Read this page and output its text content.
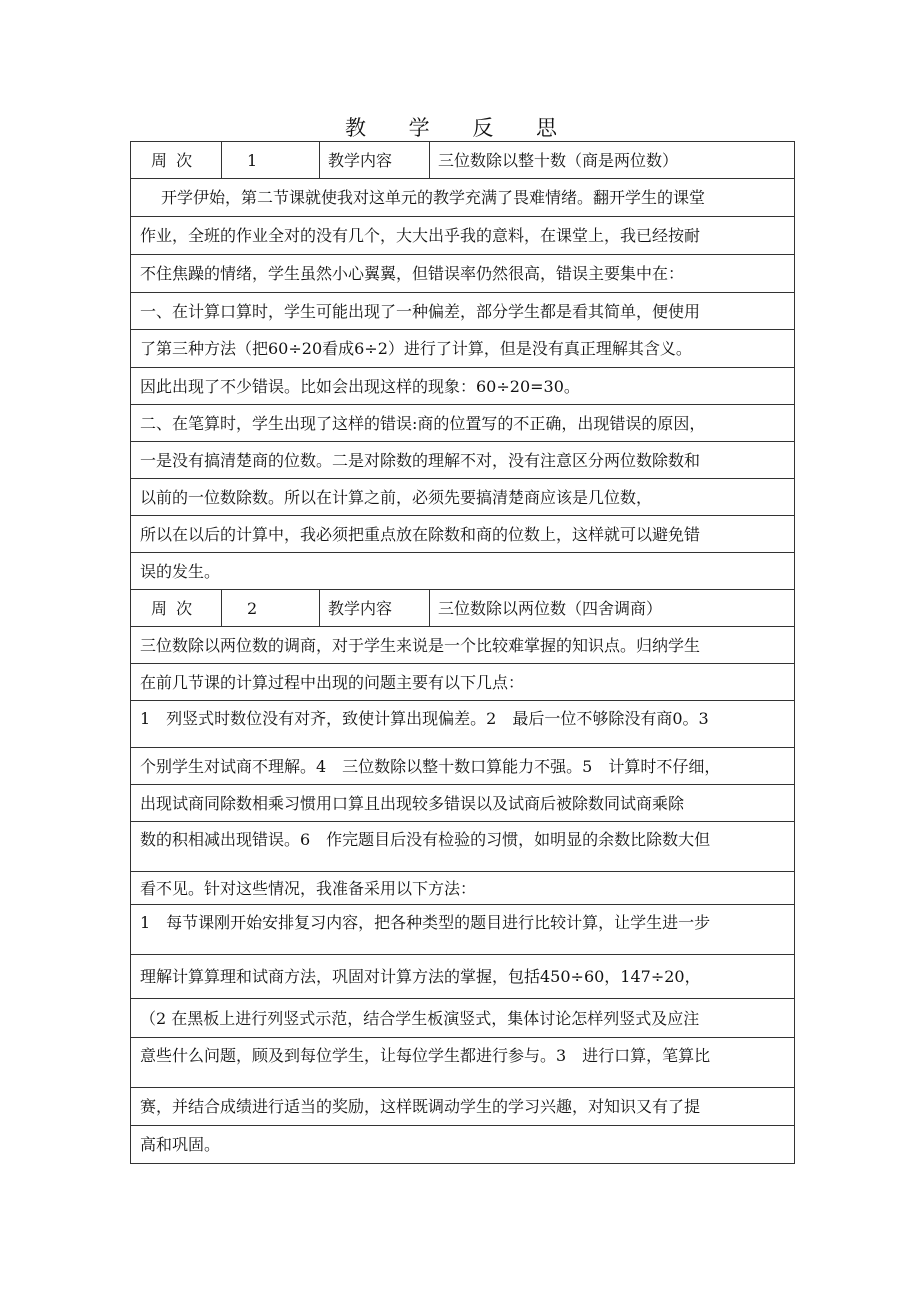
教 学 反 思
周 次	1	教学内容	三位数除以整十数（商是两位数）
开学伊始，第二节课就使我对这单元的教学充满了畏难情绪。翻开学生的课堂			
作业，全班的作业全对的没有几个，大大出乎我的意料，在课堂上，我已经按耐			
不住焦躁的情绪，学生虽然小心翼翼，但错误率仍然很高，错误主要集中在：			
一、在计算口算时，学生可能出现了一种偏差，部分学生都是看其简单，便使用			
了第三种方法（把60÷20看成6÷2）进行了计算，但是没有真正理解其含义。			
因此出现了不少错误。比如会出现这样的现象：60÷20=30。			
二、在笔算时，学生出现了这样的错误:商的位置写的不正确，出现错误的原因，			
一是没有搞清楚商的位数。二是对除数的理解不对，没有注意区分两位数除数和			
以前的一位数除数。所以在计算之前，必须先要搞清楚商应该是几位数，			
所以在以后的计算中，我必须把重点放在除数和商的位数上，这样就可以避免错			
误的发生。			
周 次	2	教学内容	三位数除以两位数（四舍调商）
三位数除以两位数的调商，对于学生来说是一个比较难掌握的知识点。归纳学生			
在前几节课的计算过程中出现的问题主要有以下几点：			
1　列竖式时数位没有对齐，致使计算出现偏差。2　最后一位不够除没有商0。3			
个别学生对试商不理解。4　三位数除以整十数口算能力不强。5　计算时不仔细，			
出现试商同除数相乘习惯用口算且出现较多错误以及试商后被除数同试商乘除			
数的积相减出现错误。6　作完题目后没有检验的习惯，如明显的余数比除数大但			
看不见。针对这些情况，我准备采用以下方法：			
1　每节课刚开始安排复习内容，把各种类型的题目进行比较计算，让学生进一步			
理解计算算理和试商方法，巩固对计算方法的掌握，包括450÷60，147÷20，			
（2 在黑板上进行列竖式示范，结合学生板演竖式，集体讨论怎样列竖式及应注			
意些什么问题，顾及到每位学生，让每位学生都进行参与。3　进行口算，笔算比			
赛，并结合成绩进行适当的奖励，这样既调动学生的学习兴趣，对知识又有了提			
高和巩固。			
